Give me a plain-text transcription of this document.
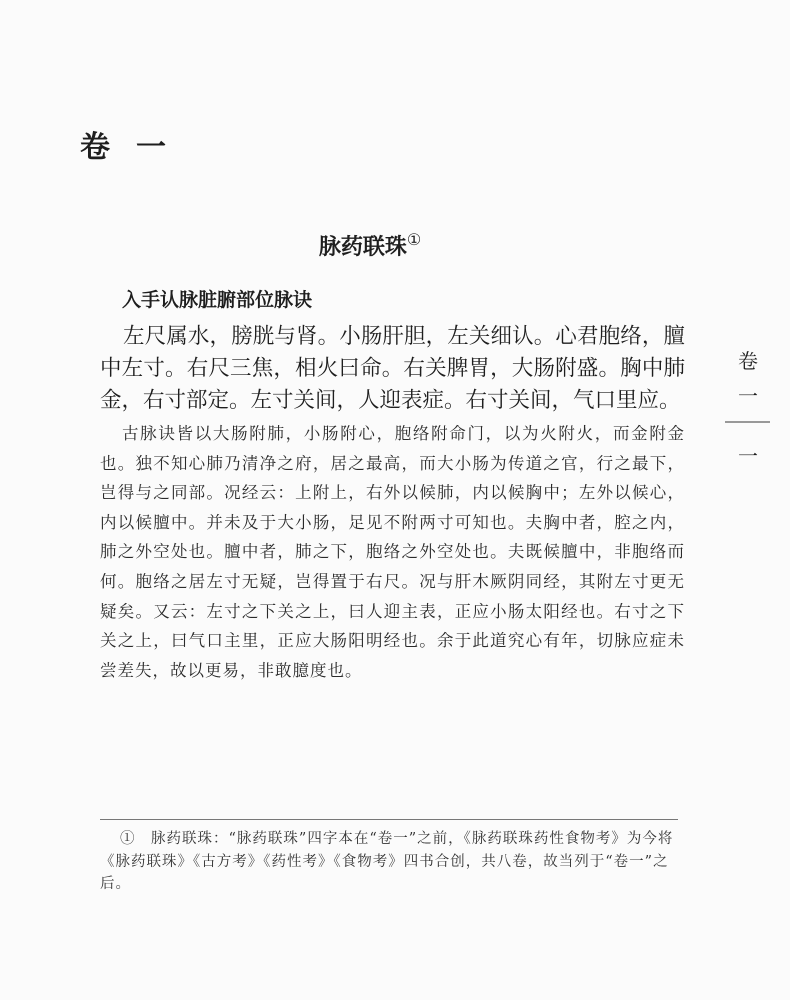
卷一
脉药联珠①
入手认脉脏腑部位脉诀
左尺属水，膀胱与肾。小肠肝胆，左关细认。心君胞络，膻中左寸。右尺三焦，相火曰命。右关脾胃，大肠附盛。胸中肺金，右寸部定。左寸关间，人迎表症。右寸关间，气口里应。
古脉诀皆以大肠附肺，小肠附心，胞络附命门，以为火附火，而金附金也。独不知心肺乃清净之府，居之最高，而大小肠为传道之官，行之最下，岂得与之同部。况经云：上附上，右外以候肺，内以候胸中；左外以候心，内以候膻中。并未及于大小肠，足见不附两寸可知也。夫胸中者，腔之内，肺之外空处也。膻中者，肺之下，胞络之外空处也。夫既候膻中，非胞络而何。胞络之居左寸无疑，岂得置于右尺。况与肝木厥阴同经，其附左寸更无疑矣。又云：左寸之下关之上，曰人迎主表，正应小肠太阳经也。右寸之下关之上，曰气口主里，正应大肠阳明经也。余于此道究心有年，切脉应症未尝差失，故以更易，非敢臆度也。
①　脉药联珠：“脉药联珠”四字本在“卷一”之前，《脉药联珠药性食物考》为今将《脉药联珠》《古方考》《药性考》《食物考》四书合创，共八卷，故当列于“卷一”之后。
卷
一
一
